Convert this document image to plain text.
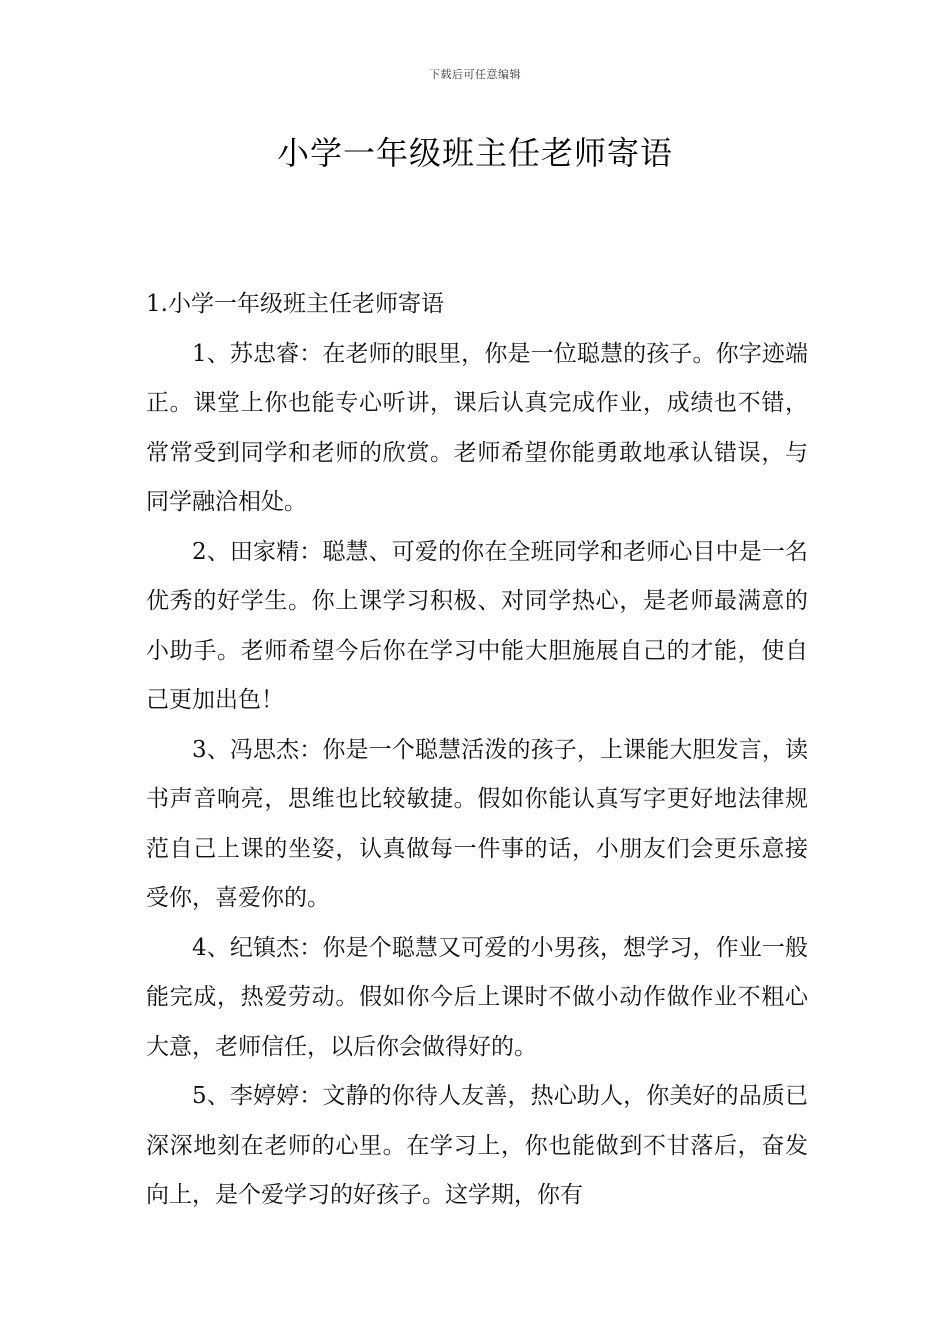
下载后可任意编辑
小学一年级班主任老师寄语

1.小学一年级班主任老师寄语

1、苏忠睿：在老师的眼里，你是一位聪慧的孩子。你字迹端正。课堂上你也能专心听讲，课后认真完成作业，成绩也不错，常常受到同学和老师的欣赏。老师希望你能勇敢地承认错误，与同学融洽相处。

2、田家精：聪慧、可爱的你在全班同学和老师心目中是一名优秀的好学生。你上课学习积极、对同学热心，是老师最满意的小助手。老师希望今后你在学习中能大胆施展自己的才能，使自己更加出色！

3、冯思杰：你是一个聪慧活泼的孩子，上课能大胆发言，读书声音响亮，思维也比较敏捷。假如你能认真写字更好地法律规范自己上课的坐姿，认真做每一件事的话，小朋友们会更乐意接受你，喜爱你的。

4、纪镇杰：你是个聪慧又可爱的小男孩，想学习，作业一般能完成，热爱劳动。假如你今后上课时不做小动作做作业不粗心大意，老师信任，以后你会做得好的。

5、李婷婷：文静的你待人友善，热心助人，你美好的品质已深深地刻在老师的心里。在学习上，你也能做到不甘落后，奋发向上，是个爱学习的好孩子。这学期，你有
